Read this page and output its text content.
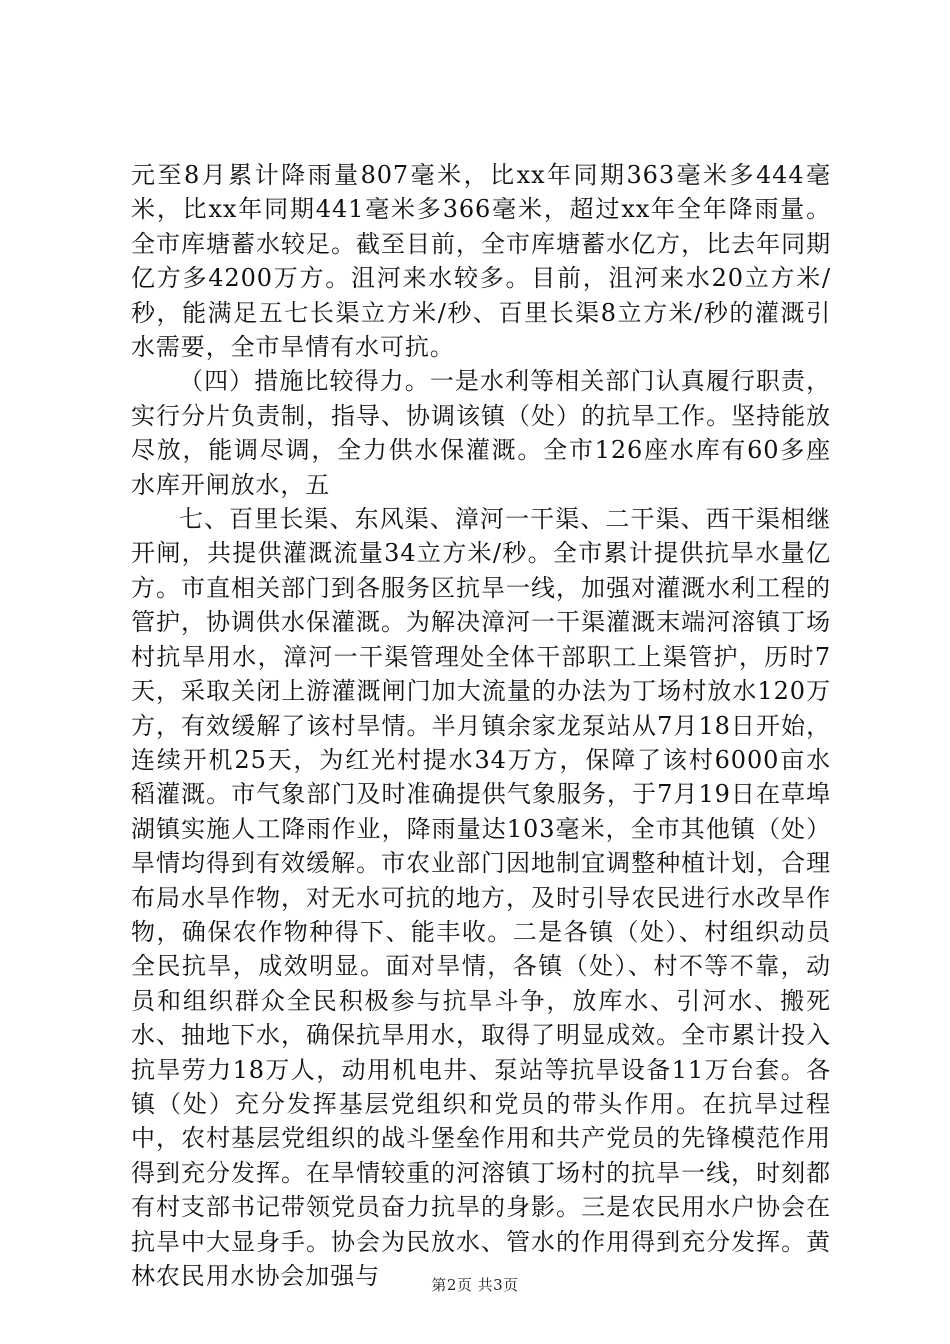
元至8月累计降雨量807毫米，比xx年同期363毫米多444毫米，比xx年同期441毫米多366毫米，超过xx年全年降雨量。全市库塘蓄水较足。截至目前，全市库塘蓄水亿方，比去年同期亿方多4200万方。沮河来水较多。目前，沮河来水20立方米/秒，能满足五七长渠立方米/秒、百里长渠8立方米/秒的灌溉引水需要，全市旱情有水可抗。

（四）措施比较得力。一是水利等相关部门认真履行职责，实行分片负责制，指导、协调该镇（处）的抗旱工作。坚持能放尽放，能调尽调，全力供水保灌溉。全市126座水库有60多座水库开闸放水，五

七、百里长渠、东风渠、漳河一干渠、二干渠、西干渠相继开闸，共提供灌溉流量34立方米/秒。全市累计提供抗旱水量亿方。市直相关部门到各服务区抗旱一线，加强对灌溉水利工程的管护，协调供水保灌溉。为解决漳河一干渠灌溉末端河溶镇丁场村抗旱用水，漳河一干渠管理处全体干部职工上渠管护，历时7天，采取关闭上游灌溉闸门加大流量的办法为丁场村放水120万方，有效缓解了该村旱情。半月镇余家龙泵站从7月18日开始，连续开机25天，为红光村提水34万方，保障了该村6000亩水稻灌溉。市气象部门及时准确提供气象服务，于7月19日在草埠湖镇实施人工降雨作业，降雨量达103毫米，全市其他镇（处）旱情均得到有效缓解。市农业部门因地制宜调整种植计划，合理布局水旱作物，对无水可抗的地方，及时引导农民进行水改旱作物，确保农作物种得下、能丰收。二是各镇（处）、村组织动员全民抗旱，成效明显。面对旱情，各镇（处）、村不等不靠，动员和组织群众全民积极参与抗旱斗争，放库水、引河水、搬死水、抽地下水，确保抗旱用水，取得了明显成效。全市累计投入抗旱劳力18万人，动用机电井、泵站等抗旱设备11万台套。各镇（处）充分发挥基层党组织和党员的带头作用。在抗旱过程中，农村基层党组织的战斗堡垒作用和共产党员的先锋模范作用得到充分发挥。在旱情较重的河溶镇丁场村的抗旱一线，时刻都有村支部书记带领党员奋力抗旱的身影。三是农民用水户协会在抗旱中大显身手。协会为民放水、管水的作用得到充分发挥。黄林农民用水协会加强与	第2页 共3页
